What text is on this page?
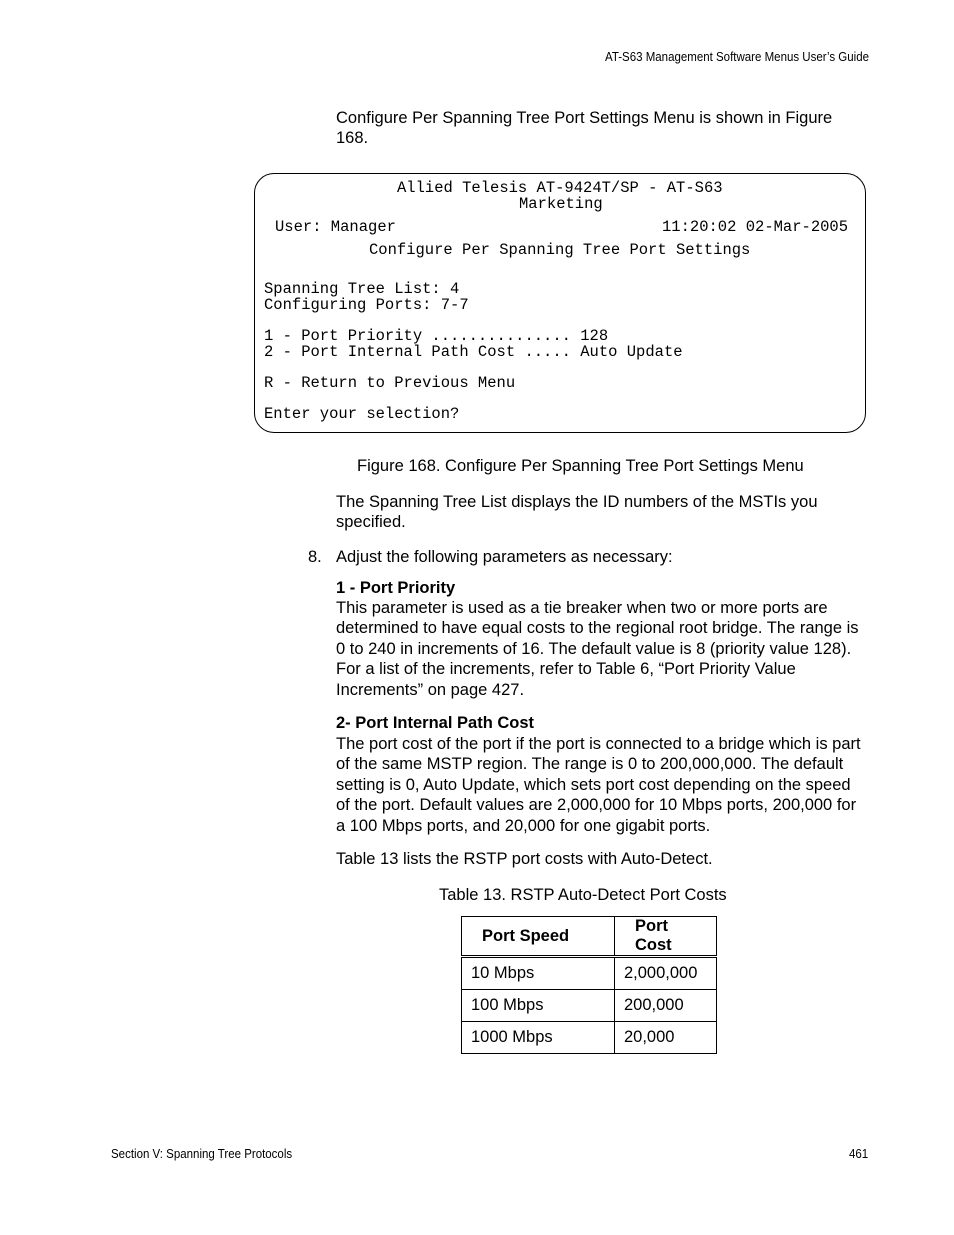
AT-S63 Management Software Menus User’s Guide
Configure Per Spanning Tree Port Settings Menu is shown in Figure 168.
Allied Telesis AT-9424T/SP - AT-S63
Marketing
User: Manager	11:20:02 02-Mar-2005
Configure Per Spanning Tree Port Settings
Spanning Tree List: 4
Configuring Ports: 7-7
1 - Port Priority ............... 128
2 - Port Internal Path Cost ..... Auto Update
R - Return to Previous Menu
Enter your selection?
Figure 168. Configure Per Spanning Tree Port Settings Menu
The Spanning Tree List displays the ID numbers of the MSTIs you specified.
8. Adjust the following parameters as necessary:
1 - Port Priority
This parameter is used as a tie breaker when two or more ports are determined to have equal costs to the regional root bridge. The range is 0 to 240 in increments of 16. The default value is 8 (priority value 128). For a list of the increments, refer to Table 6, “Port Priority Value Increments” on page 427.
2- Port Internal Path Cost
The port cost of the port if the port is connected to a bridge which is part of the same MSTP region. The range is 0 to 200,000,000. The default setting is 0, Auto Update, which sets port cost depending on the speed of the port. Default values are 2,000,000 for 10 Mbps ports, 200,000 for a 100 Mbps ports, and 20,000 for one gigabit ports.
Table 13 lists the RSTP port costs with Auto-Detect.
Table 13. RSTP Auto-Detect Port Costs
Port Speed	Port Cost
10 Mbps	2,000,000
100 Mbps	200,000
1000 Mbps	20,000
Section V: Spanning Tree Protocols	461
